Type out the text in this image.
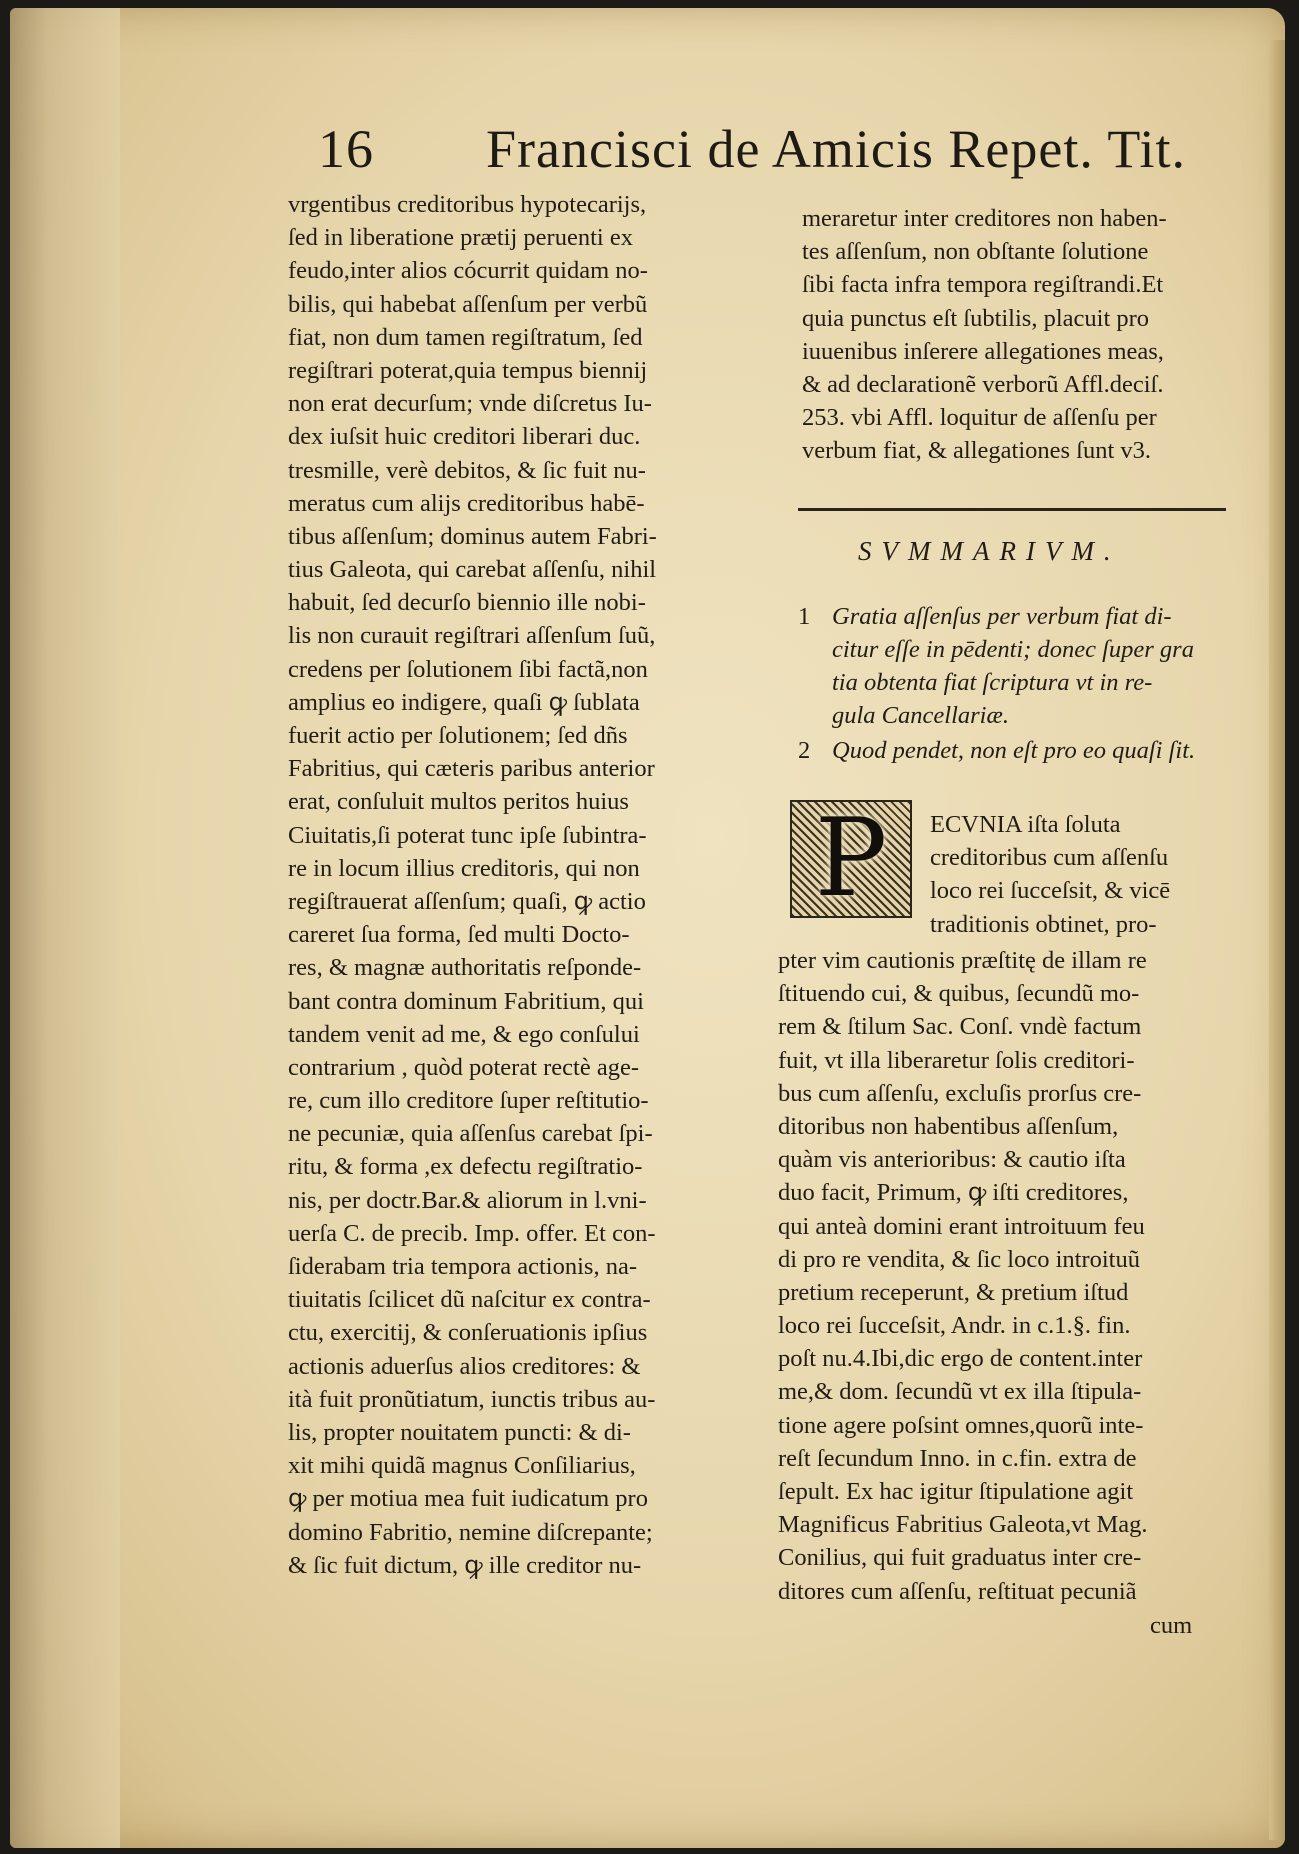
16 Francisci de Amicis Repet. Tit.
vrgentibus creditoribus hypotecarijs,
ſed in liberatione prætij peruenti ex
feudo,inter alios cócurrit quidam no-
bilis, qui habebat aſſenſum per verbũ
fiat, non dum tamen regiſtratum, ſed
regiſtrari poterat,quia tempus biennij
non erat decurſum; vnde diſcretus Iu-
dex iuſsit huic creditori liberari duc.
tresmille, verè debitos, & ſic fuit nu-
meratus cum alijs creditoribus habē-
tibus aſſenſum; dominus autem Fabri-
tius Galeota, qui carebat aſſenſu, nihil
habuit, ſed decurſo biennio ille nobi-
lis non curauit regiſtrari aſſenſum ſuũ,
credens per ſolutionem ſibi factã,non
amplius eo indigere, quaſi ꝙ ſublata
fuerit actio per ſolutionem; ſed dñs
Fabritius, qui cæteris paribus anterior
erat, conſuluit multos peritos huius
Ciuitatis,ſi poterat tunc ipſe ſubintra-
re in locum illius creditoris, qui non
regiſtrauerat aſſenſum; quaſi, ꝙ actio
careret ſua forma, ſed multi Docto-
res, & magnæ authoritatis reſponde-
bant contra dominum Fabritium, qui
tandem venit ad me, & ego conſului
contrarium , quòd poterat rectè age-
re, cum illo creditore ſuper reſtitutio-
ne pecuniæ, quia aſſenſus carebat ſpi-
ritu, & forma ,ex defectu regiſtratio-
nis, per doctr.Bar.& aliorum in l.vni-
uerſa C. de precib. Imp. offer. Et con-
ſiderabam tria tempora actionis, na-
tiuitatis ſcilicet dũ naſcitur ex contra-
ctu, exercitij, & conſeruationis ipſius
actionis aduerſus alios creditores: &
ità fuit pronũtiatum, iunctis tribus au-
lis, propter nouitatem puncti: & di-
xit mihi quidã magnus Conſiliarius,
ꝙ per motiua mea fuit iudicatum pro
domino Fabritio, nemine diſcrepante;
& ſic fuit dictum, ꝙ ille creditor nu-
meraretur inter creditores non haben-
tes aſſenſum, non obſtante ſolutione
ſibi facta infra tempora regiſtrandi.Et
quia punctus eſt ſubtilis, placuit pro
iuuenibus inſerere allegationes meas,
& ad declarationẽ verborũ Affl.deciſ.
253. vbi Affl. loquitur de aſſenſu per
verbum fiat, & allegationes ſunt v3.
SVMMARIVM.
1 Gratia aſſenſus per verbum fiat di-
citur eſſe in pēdenti; donec ſuper gra
tia obtenta fiat ſcriptura vt in re-
gula Cancellariæ.
2 Quod pendet, non eſt pro eo quaſi ſit.
P	ECVNIA iſta ſoluta
creditoribus cum aſſenſu
loco rei ſucceſsit, & vicē
traditionis obtinet, pro-
pter vim cautionis præſtitę de illam re
ſtituendo cui, & quibus, ſecundũ mo-
rem & ſtilum Sac. Conſ. vndè factum
fuit, vt illa liberaretur ſolis creditori-
bus cum aſſenſu, excluſis prorſus cre-
ditoribus non habentibus aſſenſum,
quàm vis anterioribus: & cautio iſta
duo facit, Primum, ꝙ iſti creditores,
qui anteà domini erant introituum feu
di pro re vendita, & ſic loco introituũ
pretium receperunt, & pretium iſtud
loco rei ſucceſsit, Andr. in c.1.§. fin.
poſt nu.4.Ibi,dic ergo de content.inter
me,& dom. ſecundũ vt ex illa ſtipula-
tione agere poſsint omnes,quorũ inte-
reſt ſecundum Inno. in c.fin. extra de
ſepult. Ex hac igitur ſtipulatione agit
Magnificus Fabritius Galeota,vt Mag.
Conilius, qui fuit graduatus inter cre-
ditores cum aſſenſu, reſtituat pecuniã
cum
